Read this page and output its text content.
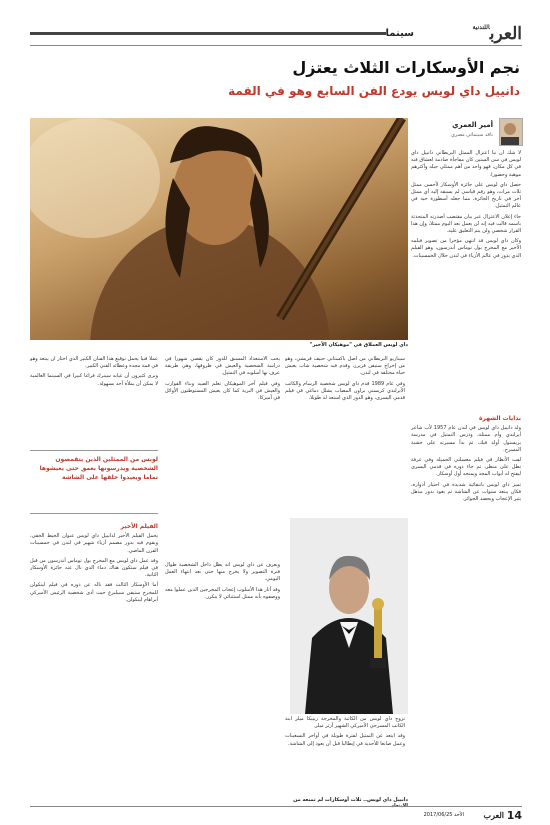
العرب$^{اللندنية}$
سينما
نجم الأوسكارات الثلاث يعتزل
دانييل داي لويس يودع الفن السابع وهو في القمة
داي لويس العملاق في "موهيكان الأخير"
أمير العمري
ناقد سينمائي مصري

لا شك أن نبأ اعتزال الممثل البريطاني دانييل داي لويس في سن الستين كان مفاجأة صادمة لعشاق فنه في كل مكان، فهو واحد من أهم ممثلي جيله وأكثرهم موهبة وحضورا.

حصل داي لويس على جائزة الأوسكار لأحسن ممثل ثلاث مرات، وهو رقم قياسي لم يسبقه إليه أي ممثل آخر في تاريخ الجائزة، مما جعله أسطورة حية في عالم التمثيل.

جاء إعلان الاعتزال عبر بيان مقتضب أصدرته المتحدثة باسمه قالت فيه إنه لن يعمل بعد اليوم ممثلا، وإن هذا القرار شخصي ولن يتم التعليق عليه.

وكان داي لويس قد انتهى مؤخرا من تصوير فيلمه الأخير مع المخرج بول توماس أندرسون، وهو الفيلم الذي يدور في عالم الأزياء في لندن خلال الخمسينات.

بدايات الشهرة

ولد دانييل داي لويس في لندن عام 1957 لأب شاعر أيرلندي وأم ممثلة، ودرس التمثيل في مدرسة بريستول أولد فيك، ثم بدأ مسيرته على خشبة المسرح.

لفت الأنظار في فيلم مغسلتي الجميلة وفي غرفة تطل على منظر، ثم جاء دوره في قدمي اليسرى ليفتح له أبواب المجد ويمنحه أول أوسكار.

تميز داي لويس بانتقائية شديدة في اختيار أدواره، فكان يبتعد سنوات عن الشاشة ثم يعود بدور مذهل يثير الإعجاب ويحصد الجوائز.

سيناريو البريطاني من أصل باكستاني حنيف قريشي، وهو من إخراج ستيفن فريرز، وقدم فيه شخصية شاب يعيش حياة مختلفة في لندن.

وفي عام 1989 قدم داي لويس شخصية الرسام والكاتب الأيرلندي كريستي براون المصاب بشلل دماغي في فيلم قدمي اليسرى، وهو الدور الذي استعد له طويلا.

يحب الاستعداد المسبق للدور كان يقضي شهورا في دراسة الشخصية والعيش في ظروفها، وهي طريقة عرف بها أسلوبه في التمثيل.

وفي فيلم آخر الموهيكان تعلم الصيد وبناء القوارب والعيش في البرية كما كان يعيش المستوطنون الأوائل في أميركا.

عملا فنيا يحمل توقيع هذا الفنان الكبير الذي اختار أن يبتعد وهو في قمة مجده وعطائه الفني الكبير.

ويرى كثيرون أن غيابه سيترك فراغا كبيرا في السينما العالمية لا يمكن أن يملأه أحد بسهولة.

لويس من الممثلين الذين يتقمصون الشخصية ويدرسونها بعمق حتى يعيشوها تماما ويعيدوا خلقها على الشاشة
الفيلم الأخير

يحمل الفيلم الأخير لدانييل داي لويس عنوان الخيط الخفي، ويقوم فيه بدور مصمم أزياء شهير في لندن في خمسينات القرن الماضي.

وقد عمل داي لويس مع المخرج بول توماس أندرسون من قبل في فيلم ستكون هناك دماء الذي نال عنه جائزة الأوسكار الثانية.

أما الأوسكار الثالث فقد ناله عن دوره في فيلم لينكولن للمخرج ستيفن سبيلبرغ حيث أدى شخصية الرئيس الأميركي أبراهام لينكولن.

ويعرف عن داي لويس أنه يظل داخل الشخصية طوال فترة التصوير ولا يخرج منها حتى بعد انتهاء العمل اليومي.

وقد أثار هذا الأسلوب إعجاب المخرجين الذين عملوا معه ووصفوه بأنه ممثل استثنائي لا يتكرر.

تزوج داي لويس من الكاتبة والمخرجة ريبيكا ميلر ابنة الكاتب المسرحي الأميركي الشهير آرثر ميلر.

وقد ابتعد عن التمثيل لفترة طويلة في أواخر التسعينات وعمل صانعا للأحذية في إيطاليا قبل أن يعود إلى الشاشة.

دانييل داي لويس.. ثلاث أوسكارات لم تمنعه من الابتعاد
14
العرب
الأحد 2017/06/25
